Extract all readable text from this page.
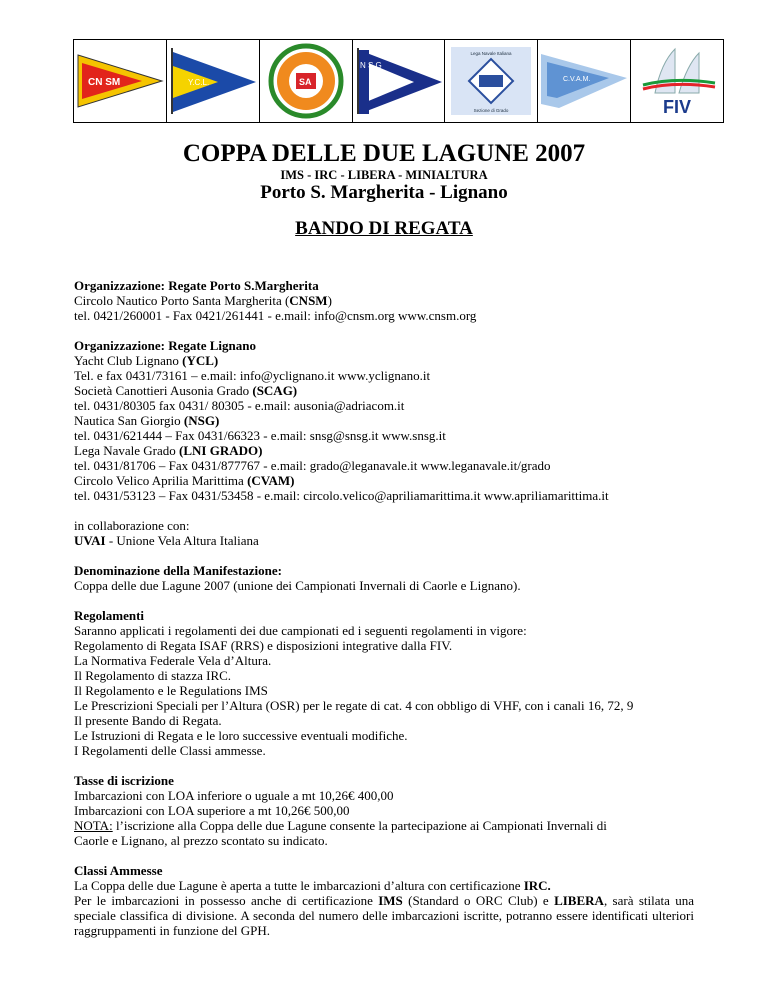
CN SM	Y.C.L.	SA
N S G
Lega Navale Italiana
Sezione di Grado
C.V.A.M.
FIV
COPPA DELLE DUE LAGUNE 2007
IMS - IRC - LIBERA - MINIALTURA
Porto S. Margherita - Lignano
BANDO DI REGATA

Organizzazione: Regate Porto S.Margherita
Circolo Nautico Porto Santa Margherita (CNSM)
tel. 0421/260001 - Fax 0421/261441 - e.mail: info@cnsm.org www.cnsm.org

Organizzazione: Regate Lignano
Yacht Club Lignano (YCL)
Tel. e fax 0431/73161 – e.mail: info@yclignano.it www.yclignano.it
Società Canottieri Ausonia Grado (SCAG)
tel. 0431/80305 fax 0431/ 80305 - e.mail: ausonia@adriacom.it
Nautica San Giorgio (NSG)
tel. 0431/621444 – Fax 0431/66323 - e.mail: snsg@snsg.it www.snsg.it
Lega Navale Grado (LNI GRADO)
tel. 0431/81706 – Fax 0431/877767 - e.mail: grado@leganavale.it www.leganavale.it/grado
Circolo Velico Aprilia Marittima (CVAM)
tel. 0431/53123 – Fax 0431/53458 - e.mail: circolo.velico@apriliamarittima.it www.apriliamarittima.it

in collaborazione con:
UVAI - Unione Vela Altura Italiana

Denominazione della Manifestazione:
Coppa delle due Lagune 2007 (unione dei Campionati Invernali di Caorle e Lignano).

Regolamenti
Saranno applicati i regolamenti dei due campionati ed i seguenti regolamenti in vigore:
Regolamento di Regata ISAF (RRS) e disposizioni integrative dalla FIV.
La Normativa Federale Vela d’Altura.
Il Regolamento di stazza IRC.
Il Regolamento e le Regulations IMS
Le Prescrizioni Speciali per l’Altura (OSR) per le regate di cat. 4 con obbligo di VHF, con i canali 16, 72, 9
Il presente Bando di Regata.
Le Istruzioni di Regata e le loro successive eventuali modifiche.
I Regolamenti delle Classi ammesse.

Tasse di iscrizione
Imbarcazioni con LOA inferiore o uguale a mt 10,26€ 400,00
Imbarcazioni con LOA superiore a mt 10,26€ 500,00
NOTA: l’iscrizione alla Coppa delle due Lagune consente la partecipazione ai Campionati Invernali di
Caorle e Lignano, al prezzo scontato su indicato.

Classi Ammesse
La Coppa delle due Lagune è aperta a tutte le imbarcazioni d’altura con certificazione IRC.
Per le imbarcazioni in possesso anche di certificazione IMS (Standard o ORC Club) e LIBERA, sarà stilata una speciale classifica di divisione. A seconda del numero delle imbarcazioni iscritte, potranno essere identificati ulteriori raggruppamenti in funzione del GPH.
